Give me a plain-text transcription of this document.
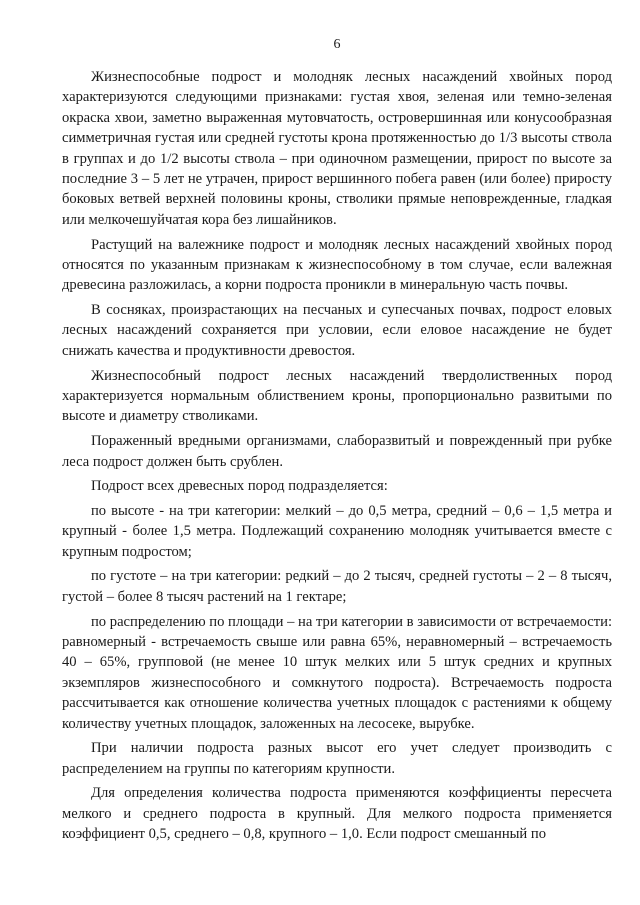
6

Жизнеспособные подрост и молодняк лесных насаждений хвойных пород характеризуются следующими признаками: густая хвоя, зеленая или темно-зеленая окраска хвои, заметно выраженная мутовчатость, островершинная или конусообразная симметричная густая или средней густоты крона протяженностью до 1/3 высоты ствола в группах и до 1/2 высоты ствола – при одиночном размещении, прирост по высоте за последние 3 – 5 лет не утрачен, прирост вершинного побега равен (или более) приросту боковых ветвей верхней половины кроны, стволики прямые неповрежденные, гладкая или мелкочешуйчатая кора без лишайников.

Растущий на валежнике подрост и молодняк лесных насаждений хвойных пород относятся по указанным признакам к жизнеспособному в том случае, если валежная древесина разложилась, а корни подроста проникли в минеральную часть почвы.

В сосняках, произрастающих на песчаных и супесчаных почвах, подрост еловых лесных насаждений сохраняется при условии, если еловое насаждение не будет снижать качества и продуктивности древостоя.

Жизнеспособный подрост лесных насаждений твердолиственных пород характеризуется нормальным облиствением кроны, пропорционально развитыми по высоте и диаметру стволиками.

Пораженный вредными организмами, слаборазвитый и поврежденный при рубке леса подрост должен быть срублен.

Подрост всех древесных пород подразделяется:

по высоте - на три категории: мелкий – до 0,5 метра, средний – 0,6 – 1,5 метра и крупный - более 1,5 метра. Подлежащий сохранению молодняк учитывается вместе с крупным подростом;

по густоте – на три категории: редкий – до 2 тысяч, средней густоты – 2 – 8 тысяч, густой – более 8 тысяч растений на 1 гектаре;

по распределению по площади – на три категории в зависимости от встречаемости: равномерный - встречаемость свыше или равна 65%, неравномерный – встречаемость 40 – 65%, групповой (не менее 10 штук мелких или 5 штук средних и крупных экземпляров жизнеспособного и сомкнутого подроста). Встречаемость подроста рассчитывается как отношение количества учетных площадок с растениями к общему количеству учетных площадок, заложенных на лесосеке, вырубке.

При наличии подроста разных высот его учет следует производить с распределением на группы по категориям крупности.

Для определения количества подроста применяются коэффициенты пересчета мелкого и среднего подроста в крупный. Для мелкого подроста применяется коэффициент 0,5, среднего – 0,8, крупного – 1,0. Если подрост смешанный по
